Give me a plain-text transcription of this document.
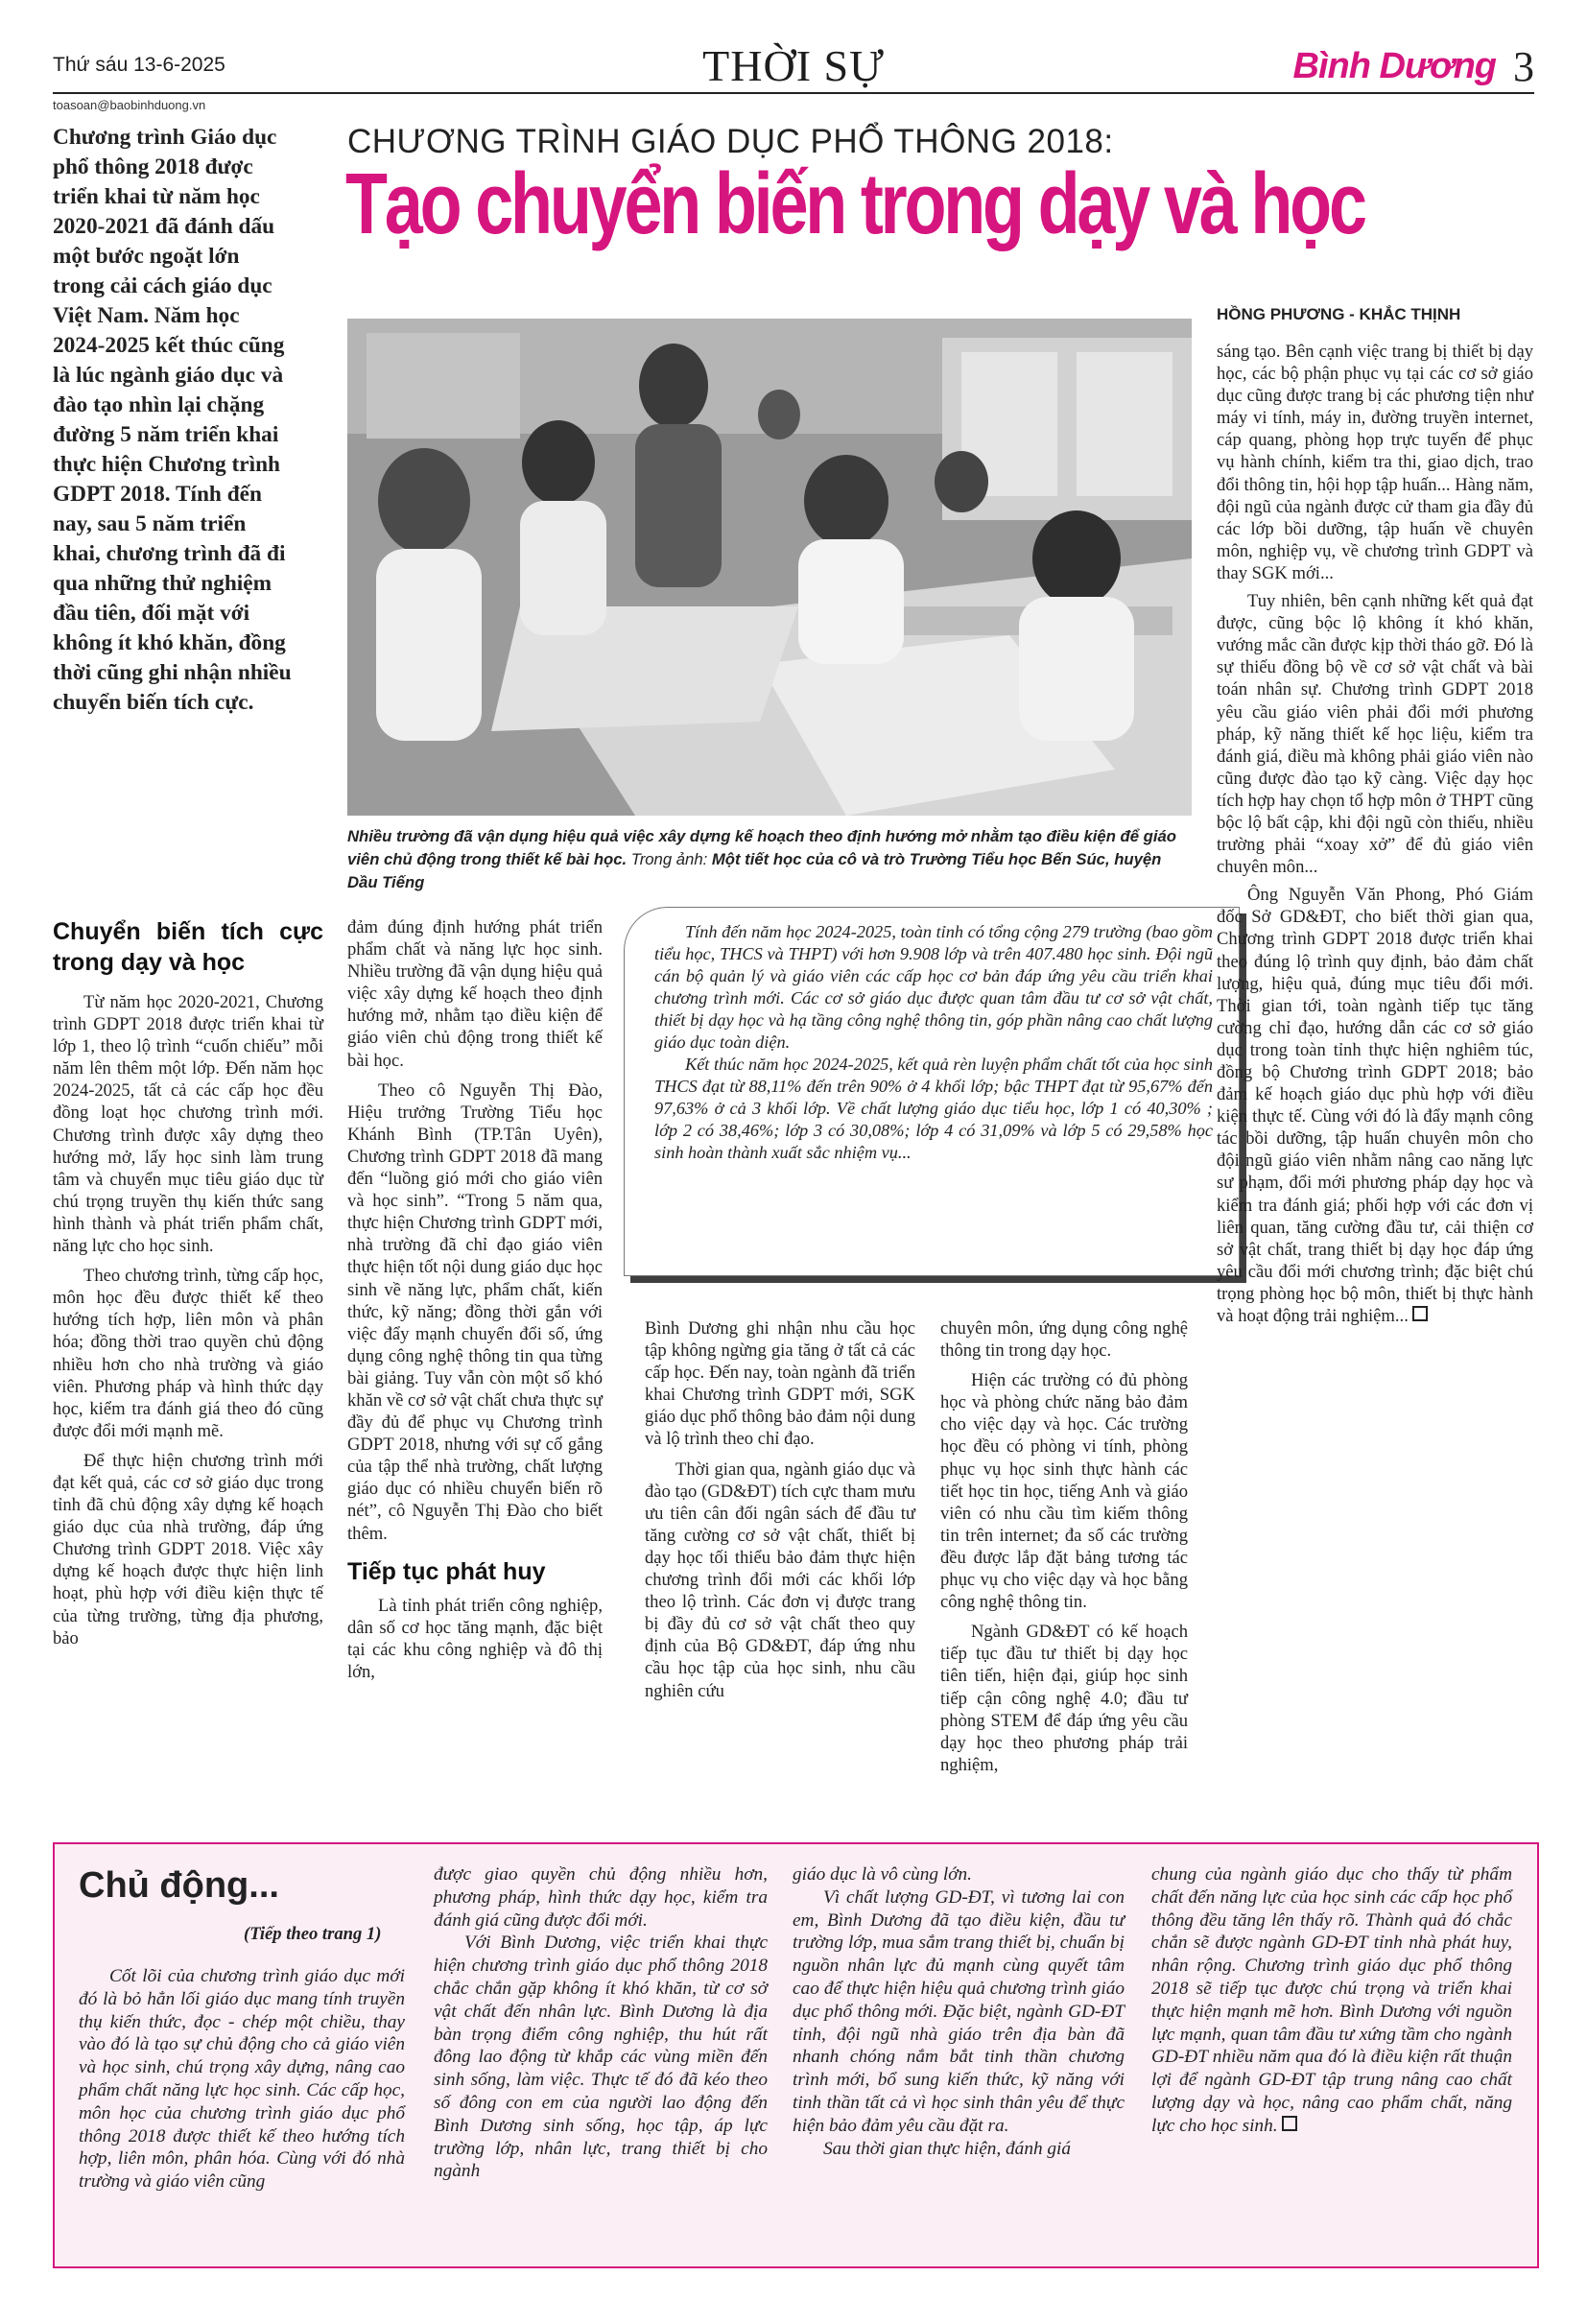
Thứ sáu 13-6-2025	THỜI SỰ	Bình Dương 3
toasoan@baobinhduong.vn
Chương trình Giáo dục phổ thông 2018 được triển khai từ năm học 2020-2021 đã đánh dấu một bước ngoặt lớn trong cải cách giáo dục Việt Nam. Năm học 2024-2025 kết thúc cũng là lúc ngành giáo dục và đào tạo nhìn lại chặng đường 5 năm triển khai thực hiện Chương trình GDPT 2018. Tính đến nay, sau 5 năm triển khai, chương trình đã đi qua những thử nghiệm đầu tiên, đối mặt với không ít khó khăn, đồng thời cũng ghi nhận nhiều chuyển biến tích cực.
CHƯƠNG TRÌNH GIÁO DỤC PHỔ THÔNG 2018:
Tạo chuyển biến trong dạy và học
HỒNG PHƯƠNG - KHẮC THỊNH
Nhiều trường đã vận dụng hiệu quả việc xây dựng kế hoạch theo định hướng mở nhằm tạo điều kiện để giáo viên chủ động trong thiết kế bài học. Trong ảnh: Một tiết học của cô và trò Trường Tiểu học Bến Súc, huyện Dầu Tiếng
Chuyển biến tích cực trong dạy và học

Từ năm học 2020-2021, Chương trình GDPT 2018 được triển khai từ lớp 1, theo lộ trình “cuốn chiếu” mỗi năm lên thêm một lớp. Đến năm học 2024-2025, tất cả các cấp học đều đồng loạt học chương trình mới. Chương trình được xây dựng theo hướng mở, lấy học sinh làm trung tâm và chuyển mục tiêu giáo dục từ chú trọng truyền thụ kiến thức sang hình thành và phát triển phẩm chất, năng lực cho học sinh.

Theo chương trình, từng cấp học, môn học đều được thiết kế theo hướng tích hợp, liên môn và phân hóa; đồng thời trao quyền chủ động nhiều hơn cho nhà trường và giáo viên. Phương pháp và hình thức dạy học, kiểm tra đánh giá theo đó cũng được đổi mới mạnh mẽ.

Để thực hiện chương trình mới đạt kết quả, các cơ sở giáo dục trong tỉnh đã chủ động xây dựng kế hoạch giáo dục của nhà trường, đáp ứng Chương trình GDPT 2018. Việc xây dựng kế hoạch được thực hiện linh hoạt, phù hợp với điều kiện thực tế của từng trường, từng địa phương, bảo

đảm đúng định hướng phát triển phẩm chất và năng lực học sinh. Nhiều trường đã vận dụng hiệu quả việc xây dựng kế hoạch theo định hướng mở, nhằm tạo điều kiện để giáo viên chủ động trong thiết kế bài học.

Theo cô Nguyễn Thị Đào, Hiệu trưởng Trường Tiểu học Khánh Bình (TP.Tân Uyên), Chương trình GDPT 2018 đã mang đến “luồng gió mới cho giáo viên và học sinh”. “Trong 5 năm qua, thực hiện Chương trình GDPT mới, nhà trường đã chỉ đạo giáo viên thực hiện tốt nội dung giáo dục học sinh về năng lực, phẩm chất, kiến thức, kỹ năng; đồng thời gắn với việc đẩy mạnh chuyển đổi số, ứng dụng công nghệ thông tin qua từng bài giảng. Tuy vẫn còn một số khó khăn về cơ sở vật chất chưa thực sự đầy đủ để phục vụ Chương trình GDPT 2018, nhưng với sự cố gắng của tập thể nhà trường, chất lượng giáo dục có nhiều chuyển biến rõ nét”, cô Nguyễn Thị Đào cho biết thêm.

Tiếp tục phát huy

Là tỉnh phát triển công nghiệp, dân số cơ học tăng mạnh, đặc biệt tại các khu công nghiệp và đô thị lớn,

Tính đến năm học 2024-2025, toàn tỉnh có tổng cộng 279 trường (bao gồm tiểu học, THCS và THPT) với hơn 9.908 lớp và trên 407.480 học sinh. Đội ngũ cán bộ quản lý và giáo viên các cấp học cơ bản đáp ứng yêu cầu triển khai chương trình mới. Các cơ sở giáo dục được quan tâm đầu tư cơ sở vật chất, thiết bị dạy học và hạ tầng công nghệ thông tin, góp phần nâng cao chất lượng giáo dục toàn diện.

Kết thúc năm học 2024-2025, kết quả rèn luyện phẩm chất tốt của học sinh THCS đạt từ 88,11% đến trên 90% ở 4 khối lớp; bậc THPT đạt từ 95,67% đến 97,63% ở cả 3 khối lớp. Về chất lượng giáo dục tiểu học, lớp 1 có 40,30% ; lớp 2 có 38,46%; lớp 3 có 30,08%; lớp 4 có 31,09% và lớp 5 có 29,58% học sinh hoàn thành xuất sắc nhiệm vụ...

Bình Dương ghi nhận nhu cầu học tập không ngừng gia tăng ở tất cả các cấp học. Đến nay, toàn ngành đã triển khai Chương trình GDPT mới, SGK giáo dục phổ thông bảo đảm nội dung và lộ trình theo chỉ đạo.

Thời gian qua, ngành giáo dục và đào tạo (GD&ĐT) tích cực tham mưu ưu tiên cân đối ngân sách để đầu tư tăng cường cơ sở vật chất, thiết bị dạy học tối thiểu bảo đảm thực hiện chương trình đổi mới các khối lớp theo lộ trình. Các đơn vị được trang bị đầy đủ cơ sở vật chất theo quy định của Bộ GD&ĐT, đáp ứng nhu cầu học tập của học sinh, nhu cầu nghiên cứu

chuyên môn, ứng dụng công nghệ thông tin trong dạy học.

Hiện các trường có đủ phòng học và phòng chức năng bảo đảm cho việc dạy và học. Các trường học đều có phòng vi tính, phòng phục vụ học sinh thực hành các tiết học tin học, tiếng Anh và giáo viên có nhu cầu tìm kiếm thông tin trên internet; đa số các trường đều được lắp đặt bảng tương tác phục vụ cho việc dạy và học bằng công nghệ thông tin.

Ngành GD&ĐT có kế hoạch tiếp tục đầu tư thiết bị dạy học tiên tiến, hiện đại, giúp học sinh tiếp cận công nghệ 4.0; đầu tư phòng STEM để đáp ứng yêu cầu dạy học theo phương pháp trải nghiệm,

sáng tạo. Bên cạnh việc trang bị thiết bị dạy học, các bộ phận phục vụ tại các cơ sở giáo dục cũng được trang bị các phương tiện như máy vi tính, máy in, đường truyền internet, cáp quang, phòng họp trực tuyến để phục vụ hành chính, kiểm tra thi, giao dịch, trao đổi thông tin, hội họp tập huấn... Hàng năm, đội ngũ của ngành được cử tham gia đầy đủ các lớp bồi dưỡng, tập huấn về chuyên môn, nghiệp vụ, về chương trình GDPT và thay SGK mới...

Tuy nhiên, bên cạnh những kết quả đạt được, cũng bộc lộ không ít khó khăn, vướng mắc cần được kịp thời tháo gỡ. Đó là sự thiếu đồng bộ về cơ sở vật chất và bài toán nhân sự. Chương trình GDPT 2018 yêu cầu giáo viên phải đổi mới phương pháp, kỹ năng thiết kế học liệu, kiểm tra đánh giá, điều mà không phải giáo viên nào cũng được đào tạo kỹ càng. Việc dạy học tích hợp hay chọn tổ hợp môn ở THPT cũng bộc lộ bất cập, khi đội ngũ còn thiếu, nhiều trường phải “xoay xở” để đủ giáo viên chuyên môn...

Ông Nguyễn Văn Phong, Phó Giám đốc Sở GD&ĐT, cho biết thời gian qua, Chương trình GDPT 2018 được triển khai theo đúng lộ trình quy định, bảo đảm chất lượng, hiệu quả, đúng mục tiêu đổi mới. Thời gian tới, toàn ngành tiếp tục tăng cường chỉ đạo, hướng dẫn các cơ sở giáo dục trong toàn tỉnh thực hiện nghiêm túc, đồng bộ Chương trình GDPT 2018; bảo đảm kế hoạch giáo dục phù hợp với điều kiện thực tế. Cùng với đó là đẩy mạnh công tác bồi dưỡng, tập huấn chuyên môn cho đội ngũ giáo viên nhằm nâng cao năng lực sư phạm, đổi mới phương pháp dạy học và kiểm tra đánh giá; phối hợp với các đơn vị liên quan, tăng cường đầu tư, cải thiện cơ sở vật chất, trang thiết bị dạy học đáp ứng yêu cầu đổi mới chương trình; đặc biệt chú trọng phòng học bộ môn, thiết bị thực hành và hoạt động trải nghiệm...

Chủ động...
(Tiếp theo trang 1)

Cốt lõi của chương trình giáo dục mới đó là bỏ hẳn lối giáo dục mang tính truyền thụ kiến thức, đọc - chép một chiều, thay vào đó là tạo sự chủ động cho cả giáo viên và học sinh, chú trọng xây dựng, nâng cao phẩm chất năng lực học sinh. Các cấp học, môn học của chương trình giáo dục phổ thông 2018 được thiết kế theo hướng tích hợp, liên môn, phân hóa. Cùng với đó nhà trường và giáo viên cũng

được giao quyền chủ động nhiều hơn, phương pháp, hình thức dạy học, kiểm tra đánh giá cũng được đổi mới.

Với Bình Dương, việc triển khai thực hiện chương trình giáo dục phổ thông 2018 chắc chắn gặp không ít khó khăn, từ cơ sở vật chất đến nhân lực. Bình Dương là địa bàn trọng điểm công nghiệp, thu hút rất đông lao động từ khắp các vùng miền đến sinh sống, làm việc. Thực tế đó đã kéo theo số đông con em của người lao động đến Bình Dương sinh sống, học tập, áp lực trường lớp, nhân lực, trang thiết bị cho ngành

giáo dục là vô cùng lớn.

Vì chất lượng GD-ĐT, vì tương lai con em, Bình Dương đã tạo điều kiện, đầu tư trường lớp, mua sắm trang thiết bị, chuẩn bị nguồn nhân lực đủ mạnh cùng quyết tâm cao để thực hiện hiệu quả chương trình giáo dục phổ thông mới. Đặc biệt, ngành GD-ĐT tỉnh, đội ngũ nhà giáo trên địa bàn đã nhanh chóng nắm bắt tinh thần chương trình mới, bổ sung kiến thức, kỹ năng với tinh thần tất cả vì học sinh thân yêu để thực hiện bảo đảm yêu cầu đặt ra.

Sau thời gian thực hiện, đánh giá

chung của ngành giáo dục cho thấy từ phẩm chất đến năng lực của học sinh các cấp học phổ thông đều tăng lên thấy rõ. Thành quả đó chắc chắn sẽ được ngành GD-ĐT tỉnh nhà phát huy, nhân rộng. Chương trình giáo dục phổ thông 2018 sẽ tiếp tục được chú trọng và triển khai thực hiện mạnh mẽ hơn. Bình Dương với nguồn lực mạnh, quan tâm đầu tư xứng tầm cho ngành GD-ĐT nhiều năm qua đó là điều kiện rất thuận lợi để ngành GD-ĐT tập trung nâng cao chất lượng dạy và học, nâng cao phẩm chất, năng lực cho học sinh.
